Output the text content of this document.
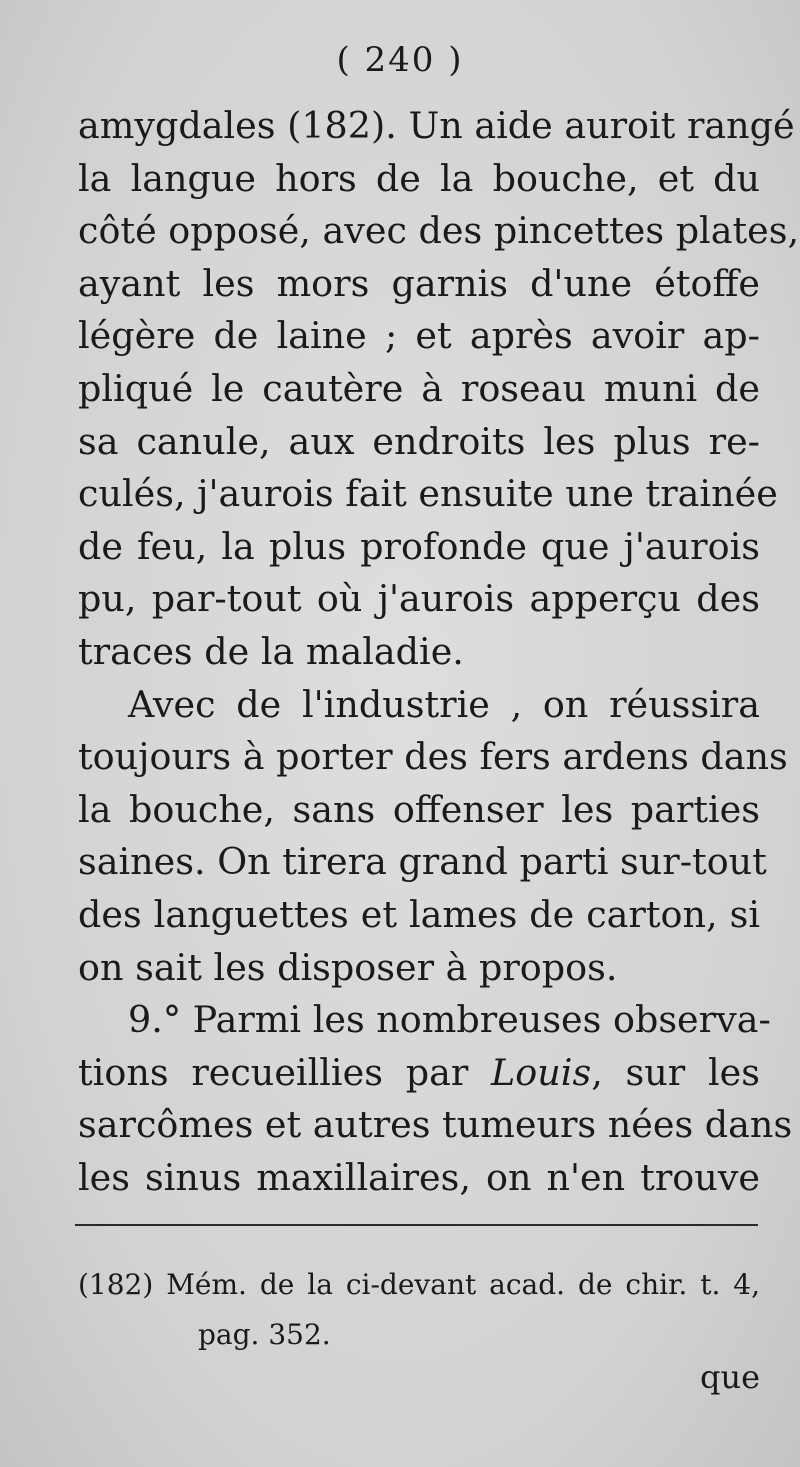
( 240 )
amygdales (182). Un aide auroit rangé
la langue hors de la bouche, et du
côté opposé, avec des pincettes plates,
ayant les mors garnis d'une étoffe
légère de laine ; et après avoir ap-
pliqué le cautère à roseau muni de
sa canule, aux endroits les plus re-
culés, j'aurois fait ensuite une trainée
de feu, la plus profonde que j'aurois
pu, par-tout où j'aurois apperçu des
traces de la maladie.
Avec de l'industrie , on réussira
toujours à porter des fers ardens dans
la bouche, sans offenser les parties
saines. On tirera grand parti sur-tout
des languettes et lames de carton, si
on sait les disposer à propos.
9.° Parmi les nombreuses observa-
tions recueillies par Louis, sur les
sarcômes et autres tumeurs nées dans
les sinus maxillaires, on n'en trouve
(182) Mém. de la ci-devant acad. de chir. t. 4,
pag. 352.
que
